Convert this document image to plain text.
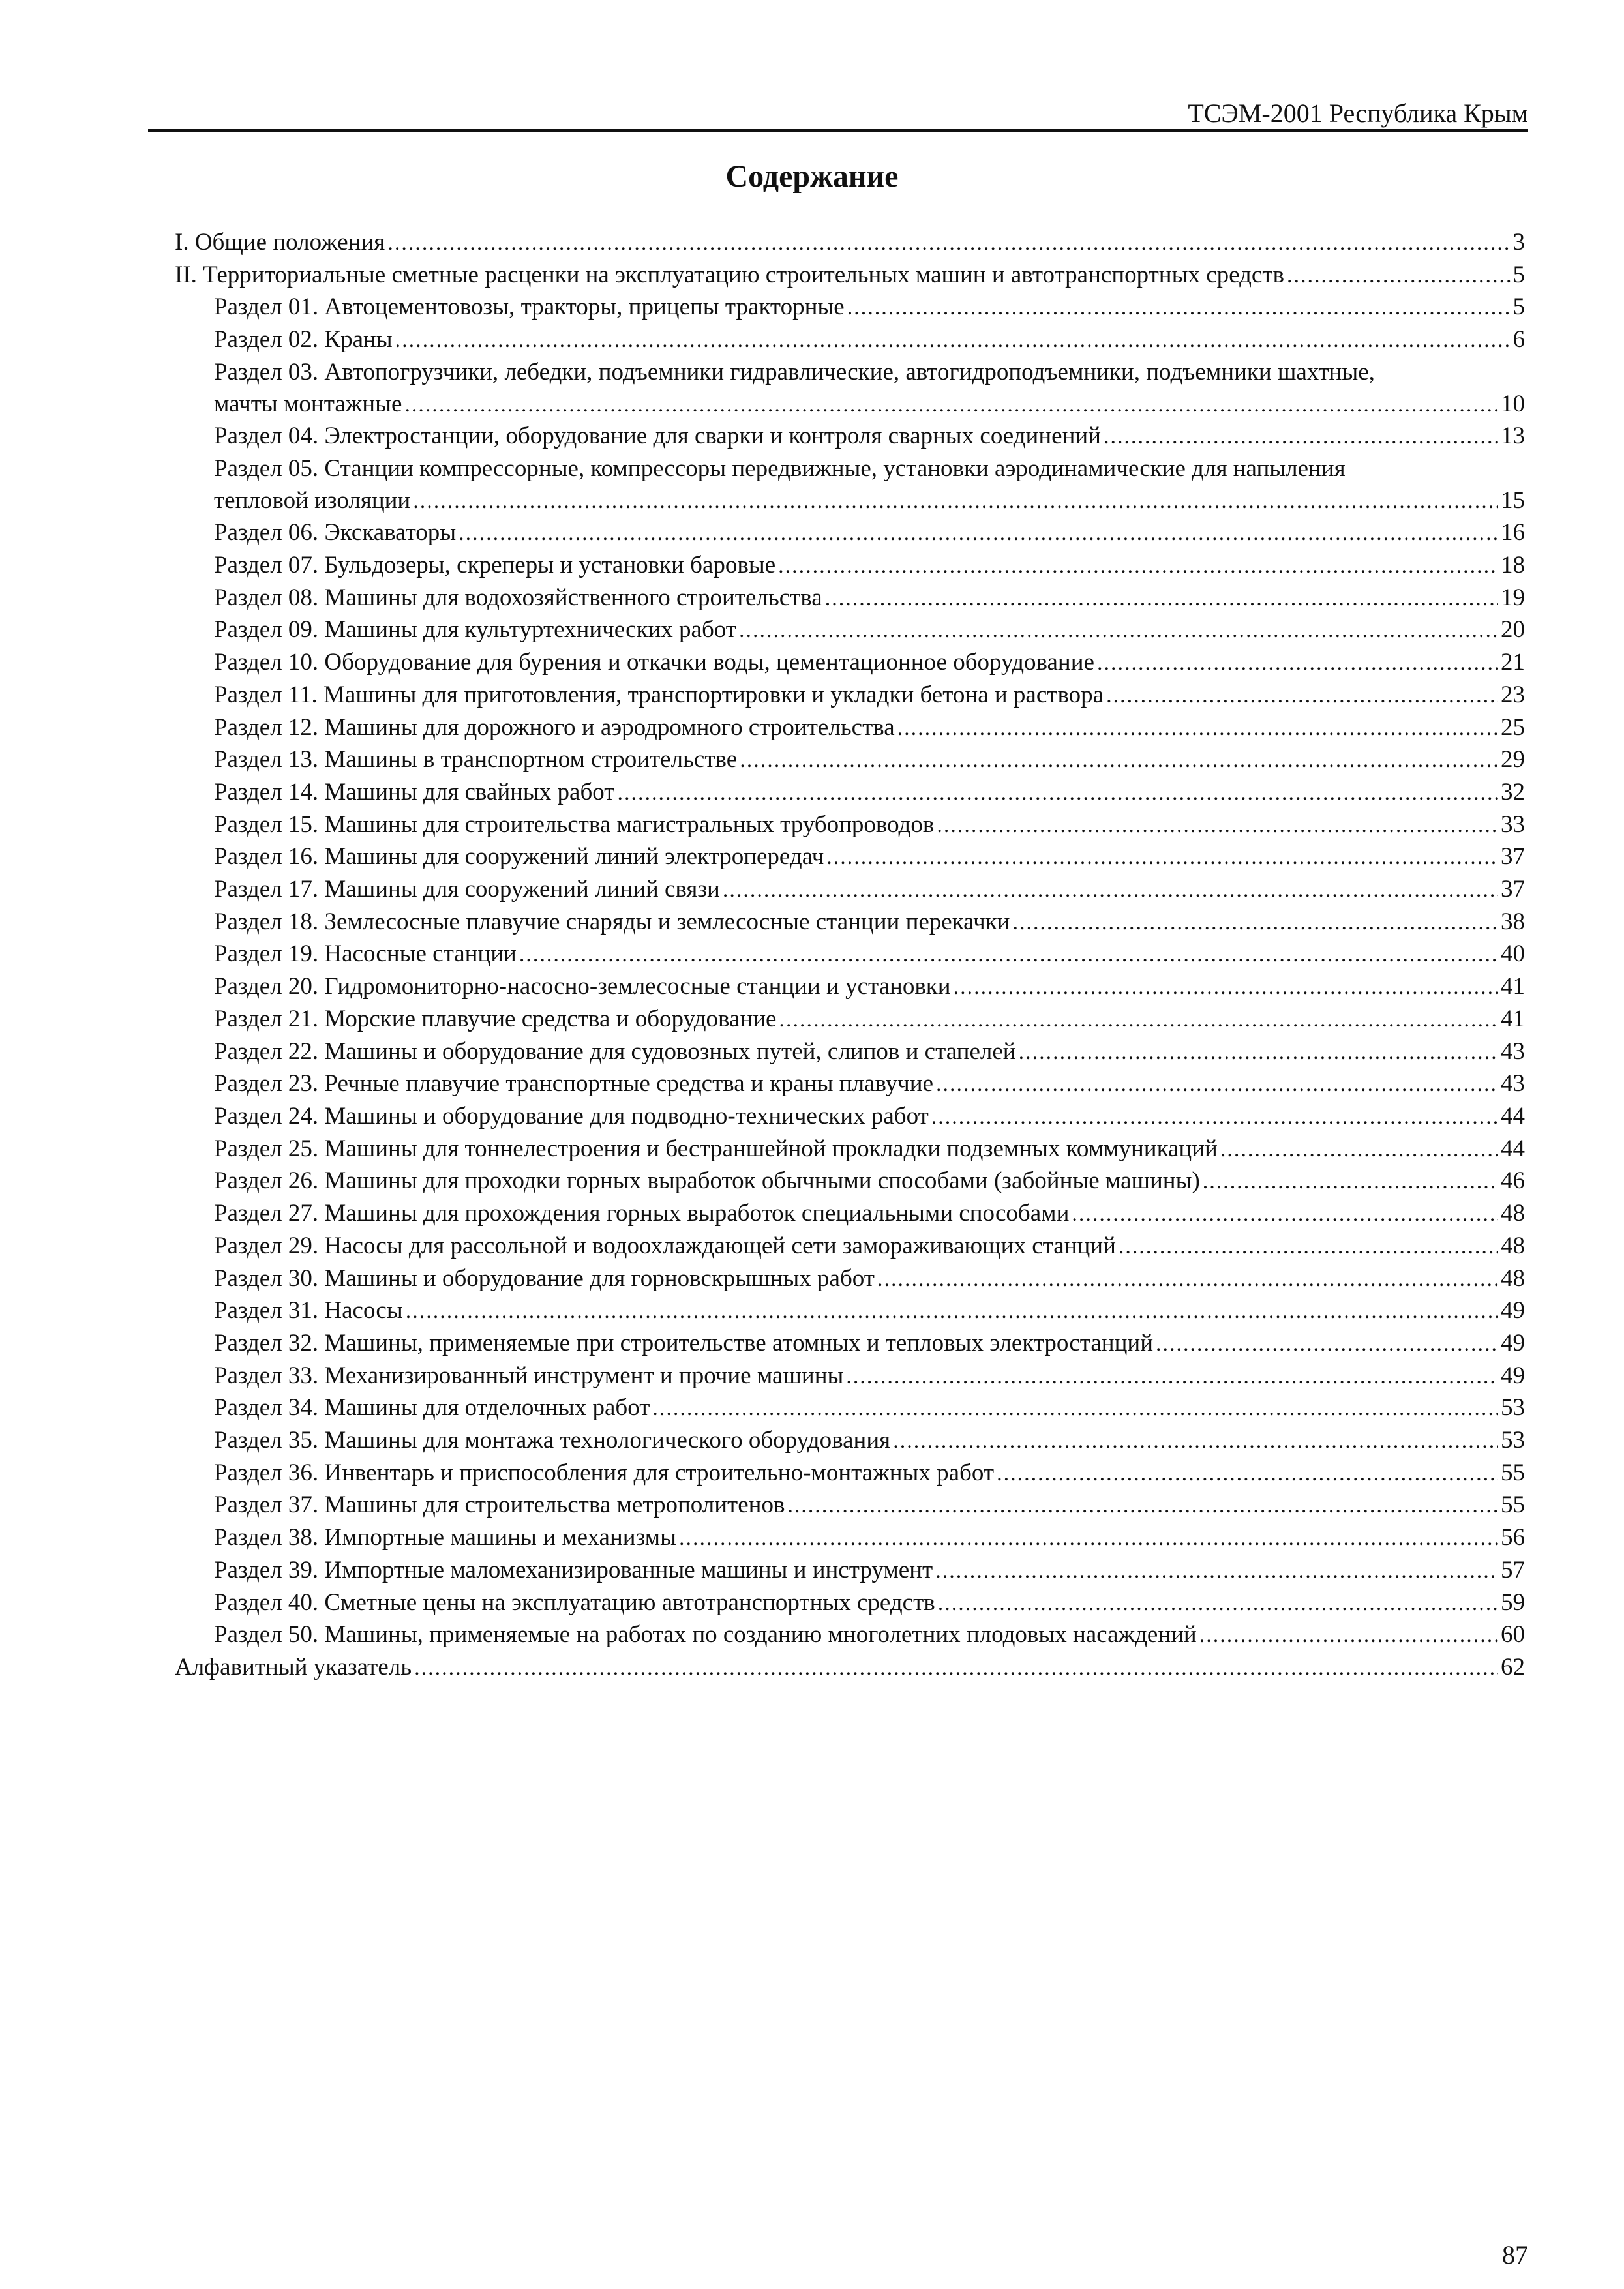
ТСЭМ-2001 Республика Крым
Содержание
I. Общие положения .....	3
II. Территориальные сметные расценки на эксплуатацию строительных машин и автотранспортных средств .....	5
Раздел 01. Автоцементовозы, тракторы, прицепы тракторные .....	5
Раздел 02. Краны .....	6
Раздел 03. Автопогрузчики, лебедки, подъемники гидравлические, автогидроподъемники, подъемники шахтные,
мачты монтажные .....	10
Раздел 04. Электростанции, оборудование для сварки и контроля сварных соединений .....	13
Раздел 05. Станции компрессорные, компрессоры передвижные, установки аэродинамические для напыления
тепловой изоляции .....	15
Раздел 06. Экскаваторы .....	16
Раздел 07. Бульдозеры, скреперы и установки баровые .....	18
Раздел 08. Машины для водохозяйственного строительства .....	19
Раздел 09. Машины для культуртехнических работ .....	20
Раздел 10. Оборудование для бурения и откачки воды, цементационное оборудование .....	21
Раздел 11. Машины для приготовления, транспортировки и укладки бетона и раствора .....	23
Раздел 12. Машины для дорожного и аэродромного строительства .....	25
Раздел 13. Машины в транспортном строительстве .....	29
Раздел 14. Машины для свайных работ .....	32
Раздел 15. Машины для строительства магистральных трубопроводов .....	33
Раздел 16. Машины для сооружений линий электропередач .....	37
Раздел 17. Машины для сооружений линий связи .....	37
Раздел 18. Землесосные плавучие снаряды и землесосные станции перекачки .....	38
Раздел 19. Насосные станции .....	40
Раздел 20. Гидромониторно-насосно-землесосные станции и установки .....	41
Раздел 21. Морские плавучие средства и оборудование .....	41
Раздел 22. Машины и оборудование для судовозных путей, слипов и стапелей .....	43
Раздел 23. Речные плавучие транспортные средства и краны плавучие .....	43
Раздел 24. Машины и оборудование для подводно-технических работ .....	44
Раздел 25. Машины для тоннелестроения и бестраншейной прокладки подземных коммуникаций .....	44
Раздел 26. Машины для проходки горных выработок обычными способами (забойные машины) .....	46
Раздел 27. Машины для прохождения горных выработок специальными способами .....	48
Раздел 29. Насосы для рассольной и водоохлаждающей сети замораживающих станций .....	48
Раздел 30. Машины и оборудование для горновскрышных работ .....	48
Раздел 31. Насосы .....	49
Раздел 32. Машины, применяемые при строительстве атомных и тепловых электростанций .....	49
Раздел 33. Механизированный инструмент и прочие машины .....	49
Раздел 34. Машины для отделочных работ .....	53
Раздел 35. Машины для монтажа технологического оборудования .....	53
Раздел 36. Инвентарь и приспособления для строительно-монтажных работ .....	55
Раздел 37. Машины для строительства метрополитенов .....	55
Раздел 38. Импортные машины и механизмы .....	56
Раздел 39. Импортные маломеханизированные машины и инструмент .....	57
Раздел 40. Сметные цены на эксплуатацию автотранспортных средств .....	59
Раздел 50. Машины, применяемые на работах по созданию многолетних плодовых насаждений .....	60
Алфавитный указатель .....	62
87
